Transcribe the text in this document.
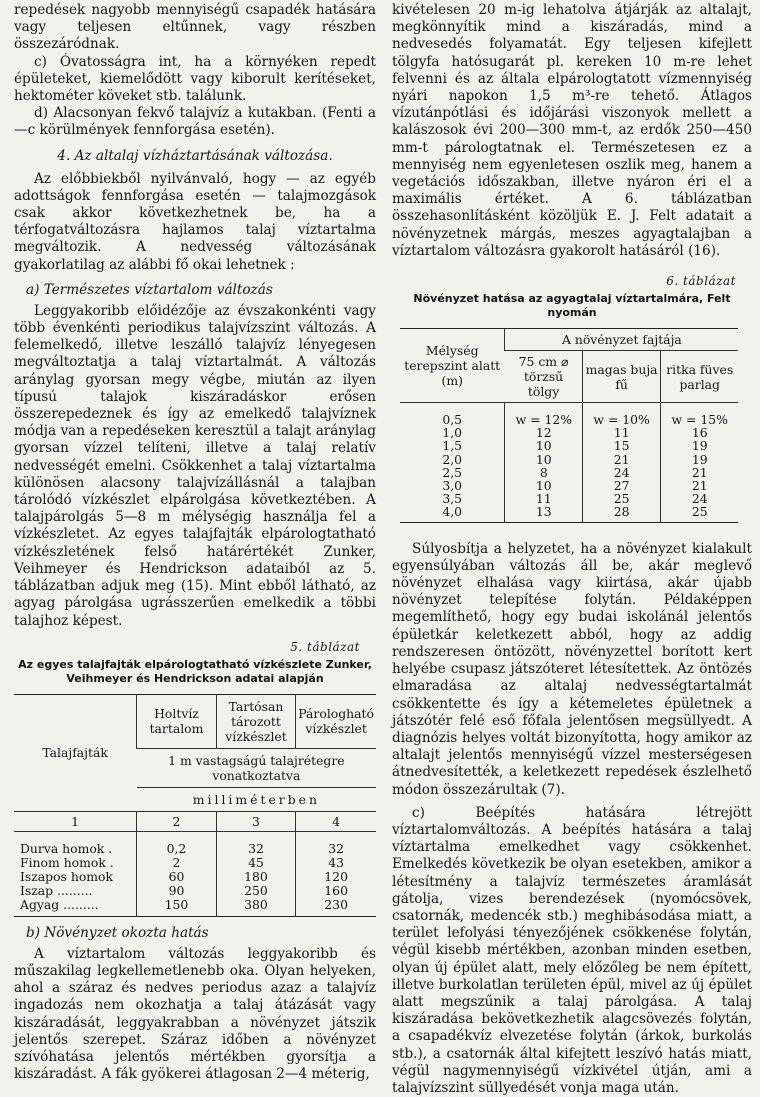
repedések nagyobb mennyiségű csapadék hatására vagy teljesen eltűnnek, vagy részben összezáródnak.

c) Óvatosságra int, ha a környéken repedt épületeket, kiemelődött vagy kiborult kerítéseket, hektométer köveket stb. találunk.

d) Alacsonyan fekvő talajvíz a kutakban. (Fenti a—c körülmények fennforgása esetén).

4. Az altalaj vízháztartásának változása.

Az előbbiekből nyilvánvaló, hogy — az egyéb adottságok fennforgása esetén — talajmozgások csak akkor következhetnek be, ha a térfogatváltozásra hajlamos talaj víztartalma megváltozik. A nedvesség változásának gyakorlatilag az alábbi fő okai lehetnek :

a) Természetes víztartalom változás

Leggyakoribb előidézője az évszakonkénti vagy több évenkénti periodikus talajvízszint változás. A felemelkedő, illetve leszálló talajvíz lényegesen megváltoztatja a talaj víztartalmát. A változás aránylag gyorsan megy végbe, miután az ilyen típusú talajok kiszáradáskor erősen összerepedeznek és így az emelkedő talajvíznek módja van a repedéseken keresztül a talajt aránylag gyorsan vízzel telíteni, illetve a talaj relatív nedvességét emelni. Csökkenhet a talaj víztartalma különösen alacsony talajvízállásnál a talajban tárolódó vízkészlet elpárolgása következtében. A talajpárolgás 5—8 m mélységig használja fel a vízkészletet. Az egyes talajfajták elpárologtatható vízkészletének felső határértékét Zunker, Veihmeyer és Hendrickson adataiból az 5. táblázatban adjuk meg (15). Mint ebből látható, az agyag párolgása ugrásszerűen emelkedik a többi talajhoz képest.

5. táblázat
Az egyes talajfajták elpárologtatható vízkészlete Zunker, Veihmeyer és Hendrickson adatai alapján
Talajfajták	Holtvíz tartalom	Tartósan tározott vízkészlet	Párologható vízkészlet
	1 m vastagságú talajrétegre vonatkoztatva		
	milliméterben		
1	2	3	4
Durva homok .	0,2	32	32
Finom homok .	2	45	43
Iszapos homok	60	180	120
Iszap .........	90	250	160
Agyag .........	150	380	230
b) Növényzet okozta hatás

A víztartalom változás leggyakoribb és műszakilag legkellemetlenebb oka. Olyan helyeken, ahol a száraz és nedves periodus azaz a talajvíz ingadozás nem okozhatja a talaj átázását vagy kiszáradását, leggyakrabban a növényzet játszik jelentős szerepet. Száraz időben a növényzet szívóhatása jelentős mértékben gyorsítja a kiszáradást. A fák gyökerei átlagosan 2—4 méterig,

kivételesen 20 m-ig lehatolva átjárják az altalajt, megkönnyítik mind a kiszáradás, mind a nedvesedés folyamatát. Egy teljesen kifejlett tölgyfa hatósugarát pl. kereken 10 m-re lehet felvenni és az általa elpárologtatott vízmennyiség nyári napokon 1,5 m³-re tehető. Átlagos vízutánpótlási és időjárási viszonyok mellett a kalászosok évi 200—300 mm-t, az erdők 250—450 mm-t párologtatnak el. Természetesen ez a mennyiség nem egyenletesen oszlik meg, hanem a vegetációs időszakban, illetve nyáron éri el a maximális értéket. A 6. táblázatban összehasonlításként közöljük E. J. Felt adatait a növényzetnek márgás, meszes agyagtalajban a víztartalom változásra gyakorolt hatásáról (16).

6. táblázat
Növényzet hatása az agyagtalaj víztartalmára, Felt nyomán
Mélység terepszint alatt (m)	A növényzet fajtája		
	75 cm ⌀ törzsű tölgy	magas buja fű	ritka füves parlag
0,5	w = 12%	w = 10%	w = 15%
1,0	12	11	16
1,5	10	15	19
2,0	10	21	19
2,5	8	24	21
3,0	10	27	21
3,5	11	25	24
4,0	13	28	25

Súlyosbítja a helyzetet, ha a növényzet kialakult egyensúlyában változás áll be, akár meglevő növényzet elhalása vagy kiirtása, akár újabb növényzet telepítése folytán. Példaképpen megemlíthető, hogy egy budai iskolánál jelentős épületkár keletkezett abból, hogy az addig rendszeresen öntözött, növényzettel borított kert helyébe csupasz játszóteret létesítettek. Az öntözés elmaradása az altalaj nedvességtartalmát csökkentette és így a kétemeletes épületnek a játszótér felé eső főfala jelentősen megsüllyedt. A diagnózis helyes voltát bizonyította, hogy amikor az altalajt jelentős mennyiségű vízzel mesterségesen átnedvesítették, a keletkezett repedések észlelhető módon összezárultak (7).

c) Beépítés hatására létrejött víztartalomváltozás. A beépítés hatására a talaj víztartalma emelkedhet vagy csökkenhet. Emelkedés következik be olyan esetekben, amikor a létesítmény a talajvíz természetes áramlását gátolja, vizes berendezések (nyomócsövek, csatornák, medencék stb.) meghibásodása miatt, a terület lefolyási tényezőjének csökkenése folytán, végül kisebb mértékben, azonban minden esetben, olyan új épület alatt, mely előzőleg be nem épített, illetve burkolatlan területen épül, mivel az új épület alatt megszűnik a talaj párolgása. A talaj kiszáradása bekövetkezhetik alagcsövezés folytán, a csapadékvíz elvezetése folytán (árkok, burkolás stb.), a csatornák által kifejtett leszívó hatás miatt, végül nagymennyiségű vízkivétel útján, ami a talajvízszint süllyedését vonja maga után.
